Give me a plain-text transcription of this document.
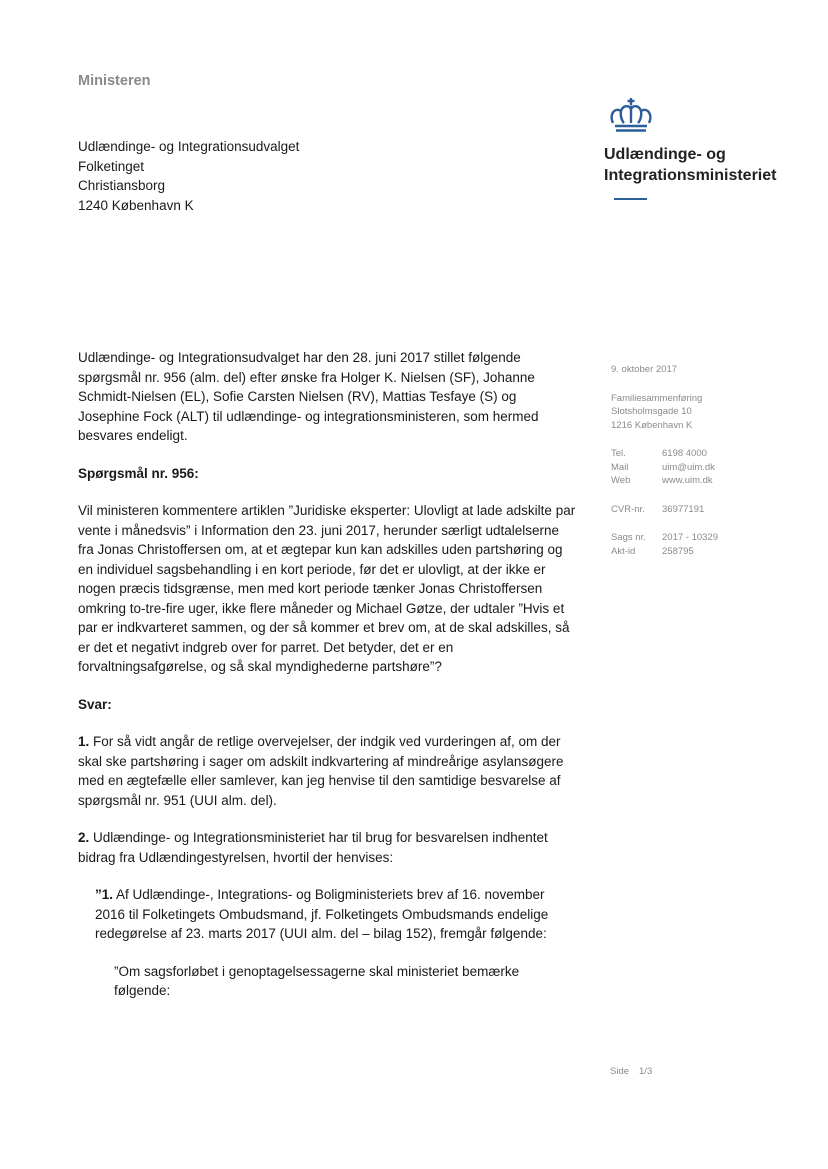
Ministeren
Udlændinge- og Integrationsudvalget
Folketinget
Christiansborg
1240 København K
Udlændinge- og
Integrationsministeriet
9. oktober 2017
Familiesammenføring
Slotsholmsgade 10
1216 København K
Tel.	6198 4000
Mail	uim@uim.dk
Web	www.uim.dk
CVR-nr.	36977191
Sags nr.	2017 - 10329
Akt-id	258795

Udlændinge- og Integrationsudvalget har den 28. juni 2017 stillet følgende spørgsmål nr. 956 (alm. del) efter ønske fra Holger K. Nielsen (SF), Johanne Schmidt-Nielsen (EL), Sofie Carsten Nielsen (RV), Mattias Tesfaye (S) og Josephine Fock (ALT) til udlændinge- og integrationsministeren, som hermed besvares endeligt.

Spørgsmål nr. 956:

Vil ministeren kommentere artiklen ”Juridiske eksperter: Ulovligt at lade adskilte par vente i månedsvis” i Information den 23. juni 2017, herunder særligt udtalelserne fra Jonas Christoffersen om, at et ægtepar kun kan adskilles uden partshøring og en individuel sagsbehandling i en kort periode, før det er ulovligt, at der ikke er nogen præcis tidsgrænse, men med kort periode tænker Jonas Christoffersen omkring to-tre-fire uger, ikke flere måneder og Michael Gøtze, der udtaler ”Hvis et par er indkvarteret sammen, og der så kommer et brev om, at de skal adskilles, så er det et negativt indgreb over for parret. Det betyder, det er en forvaltningsafgørelse, og så skal myndighederne partshøre”?

Svar:

1. For så vidt angår de retlige overvejelser, der indgik ved vurderingen af, om der skal ske partshøring i sager om adskilt indkvartering af mindreårige asylansøgere med en ægtefælle eller samlever, kan jeg henvise til den samtidige besvarelse af spørgsmål nr. 951 (UUI alm. del).

2. Udlændinge- og Integrationsministeriet har til brug for besvarelsen indhentet bidrag fra Udlændingestyrelsen, hvortil der henvises:

”1. Af Udlændinge-, Integrations- og Boligministeriets brev af 16. november 2016 til Folketingets Ombudsmand, jf. Folketingets Ombudsmands endelige redegørelse af 23. marts 2017 (UUI alm. del – bilag 152), fremgår følgende:

”Om sagsforløbet i genoptagelsessagerne skal ministeriet bemærke følgende:

Side 1/3
